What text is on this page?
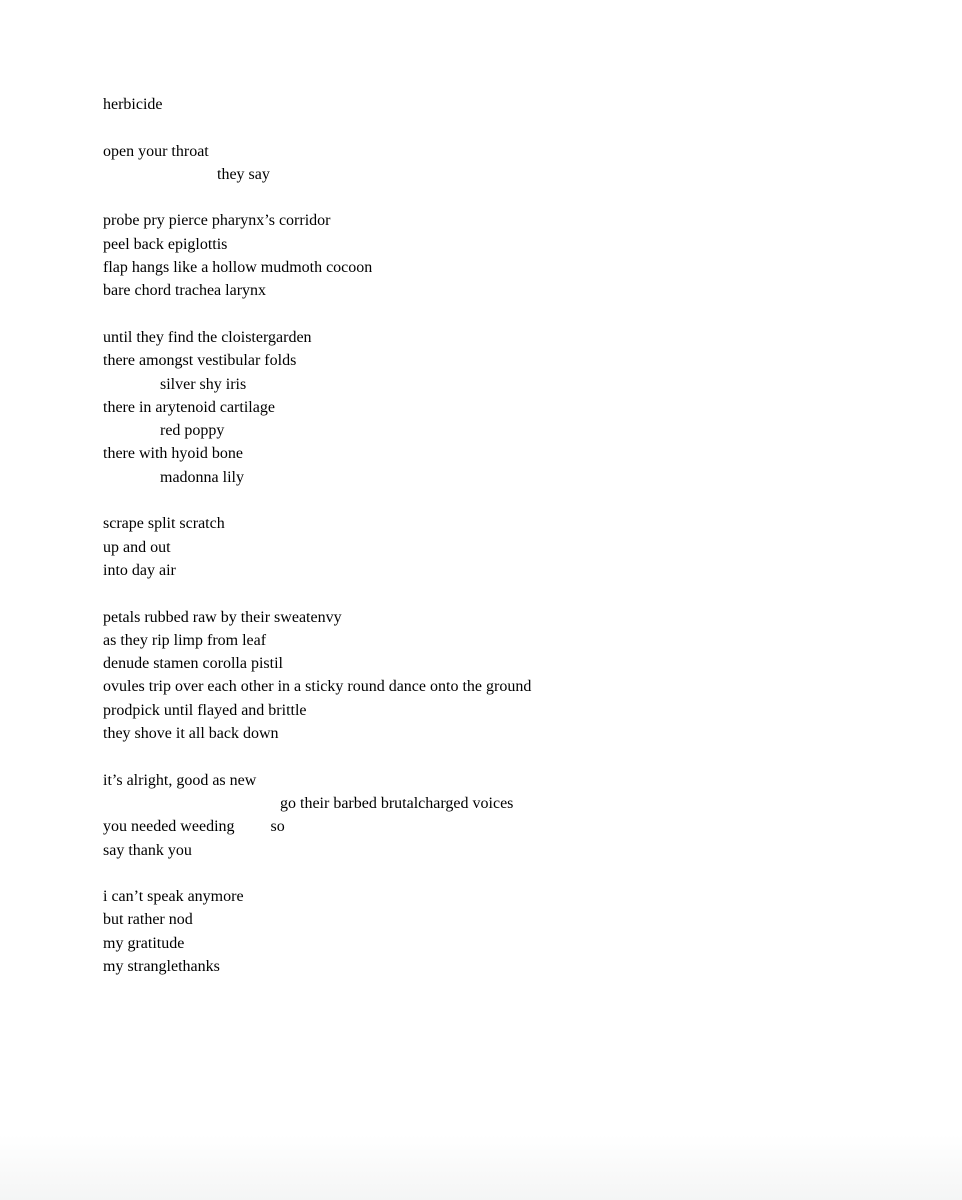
herbicide
open your throat
they say
probe pry pierce pharynx’s corridor
peel back epiglottis
flap hangs like a hollow mudmoth cocoon
bare chord trachea larynx
until they find the cloistergarden
there amongst vestibular folds
silver shy iris
there in arytenoid cartilage
red poppy
there with hyoid bone
madonna lily
scrape split scratch
up and out
into day air
petals rubbed raw by their sweatenvy
as they rip limp from leaf
denude stamen corolla pistil
ovules trip over each other in a sticky round dance onto the ground
prodpick until flayed and brittle
they shove it all back down
it’s alright, good as new
go their barbed brutalcharged voices
you needed weeding         so
say thank you
i can’t speak anymore
but rather nod
my gratitude
my stranglethanks
